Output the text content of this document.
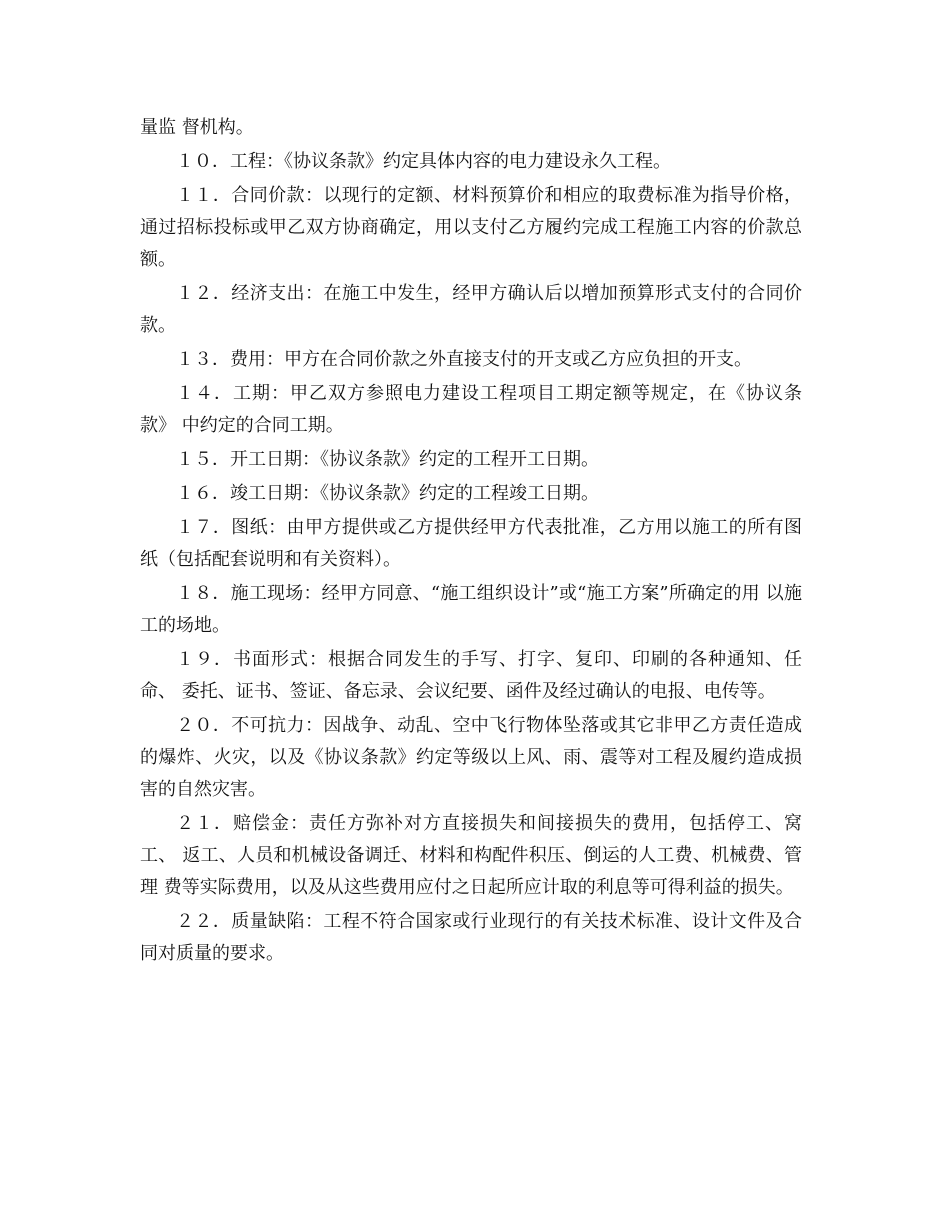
量监 督机构。

１０．工程：《协议条款》约定具体内容的电力建设永久工程。

１１．合同价款：以现行的定额、材料预算价和相应的取费标准为指导价格， 通过招标投标或甲乙双方协商确定，用以支付乙方履约完成工程施工内容的价款总 额。

１２．经济支出：在施工中发生，经甲方确认后以增加预算形式支付的合同价 款。

１３．费用：甲方在合同价款之外直接支付的开支或乙方应负担的开支。

１４．工期：甲乙双方参照电力建设工程项目工期定额等规定，在《协议条款》 中约定的合同工期。

１５．开工日期：《协议条款》约定的工程开工日期。

１６．竣工日期：《协议条款》约定的工程竣工日期。

１７．图纸：由甲方提供或乙方提供经甲方代表批准，乙方用以施工的所有图 纸（包括配套说明和有关资料）。

１８．施工现场：经甲方同意、“施工组织设计”或“施工方案”所确定的用 以施工的场地。

１９．书面形式：根据合同发生的手写、打字、复印、印刷的各种通知、任命、 委托、证书、签证、备忘录、会议纪要、函件及经过确认的电报、电传等。

２０．不可抗力：因战争、动乱、空中飞行物体坠落或其它非甲乙方责任造成 的爆炸、火灾，以及《协议条款》约定等级以上风、雨、震等对工程及履约造成损 害的自然灾害。

２１．赔偿金：责任方弥补对方直接损失和间接损失的费用，包括停工、窝工、 返工、人员和机械设备调迁、材料和构配件积压、倒运的人工费、机械费、管理 费等实际费用，以及从这些费用应付之日起所应计取的利息等可得利益的损失。

２２．质量缺陷：工程不符合国家或行业现行的有关技术标准、设计文件及合 同对质量的要求。
